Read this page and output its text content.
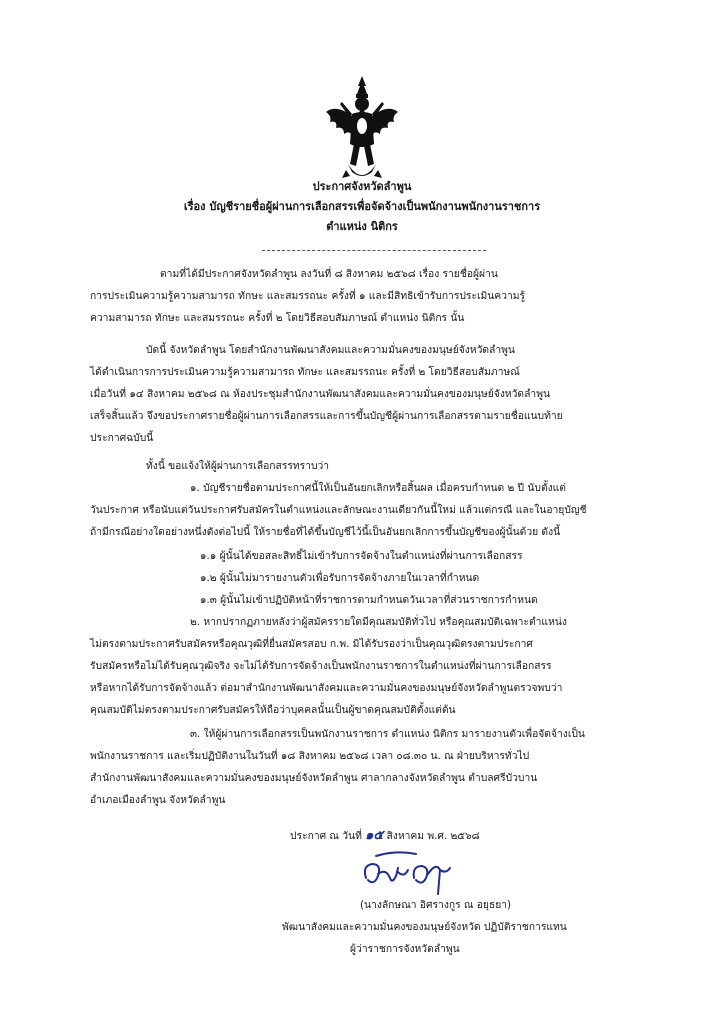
ประกาศจังหวัดลำพูน
เรื่อง บัญชีรายชื่อผู้ผ่านการเลือกสรรเพื่อจัดจ้างเป็นพนักงานพนักงานราชการ
ตำแหน่ง นิติกร
ตามที่ได้มีประกาศจังหวัดลำพูน ลงวันที่ ๘ สิงหาคม ๒๕๖๘ เรื่อง รายชื่อผู้ผ่าน
การประเมินความรู้ความสามารถ ทักษะ และสมรรถนะ ครั้งที่ ๑ และมีสิทธิเข้ารับการประเมินความรู้
ความสามารถ ทักษะ และสมรรถนะ ครั้งที่ ๒ โดยวิธีสอบสัมภาษณ์ ตำแหน่ง นิติกร นั้น
บัดนี้ จังหวัดลำพูน โดยสำนักงานพัฒนาสังคมและความมั่นคงของมนุษย์จังหวัดลำพูน
ได้ดำเนินการการประเมินความรู้ความสามารถ ทักษะ และสมรรถนะ ครั้งที่ ๒ โดยวิธีสอบสัมภาษณ์
เมื่อวันที่ ๑๔ สิงหาคม ๒๕๖๘ ณ ห้องประชุมสำนักงานพัฒนาสังคมและความมั่นคงของมนุษย์จังหวัดลำพูน
เสร็จสิ้นแล้ว จึงขอประกาศรายชื่อผู้ผ่านการเลือกสรรและการขึ้นบัญชีผู้ผ่านการเลือกสรรตามรายชื่อแนบท้าย
ประกาศฉบับนี้
ทั้งนี้ ขอแจ้งให้ผู้ผ่านการเลือกสรรทราบว่า
๑. บัญชีรายชื่อตามประกาศนี้ให้เป็นอันยกเลิกหรือสิ้นผล เมื่อครบกำหนด ๒ ปี นับตั้งแต่
วันประกาศ หรือนับแต่วันประกาศรับสมัครในตำแหน่งและลักษณะงานเดียวกันนี้ใหม่ แล้วแต่กรณี และในอายุบัญชี
ถ้ามีกรณีอย่างใดอย่างหนึ่งดังต่อไปนี้ ให้รายชื่อที่ได้ขึ้นบัญชีไว้นี้เป็นอันยกเลิกการขึ้นบัญชีของผู้นั้นด้วย ดังนี้
๑.๑ ผู้นั้นได้ขอสละสิทธิ์ไม่เข้ารับการจัดจ้างในตำแหน่งที่ผ่านการเลือกสรร
๑.๒ ผู้นั้นไม่มารายงานตัวเพื่อรับการจัดจ้างภายในเวลาที่กำหนด
๑.๓ ผู้นั้นไม่เข้าปฏิบัติหน้าที่ราชการตามกำหนดวันเวลาที่ส่วนราชการกำหนด
๒. หากปรากฏภายหลังว่าผู้สมัครรายใดมีคุณสมบัติทั่วไป หรือคุณสมบัติเฉพาะตำแหน่ง
ไม่ตรงตามประกาศรับสมัครหรือคุณวุฒิที่ยื่นสมัครสอบ ก.พ. มิได้รับรองว่าเป็นคุณวุฒิตรงตามประกาศ
รับสมัครหรือไม่ได้รับคุณวุฒิจริง จะไม่ได้รับการจัดจ้างเป็นพนักงานราชการในตำแหน่งที่ผ่านการเลือกสรร
หรือหากได้รับการจัดจ้างแล้ว ต่อมาสำนักงานพัฒนาสังคมและความมั่นคงของมนุษย์จังหวัดลำพูนตรวจพบว่า
คุณสมบัติไม่ตรงตามประกาศรับสมัครให้ถือว่าบุคคลนั้นเป็นผู้ขาดคุณสมบัติตั้งแต่ต้น
๓. ให้ผู้ผ่านการเลือกสรรเป็นพนักงานราชการ ตำแหน่ง นิติกร มารายงานตัวเพื่อจัดจ้างเป็น
พนักงานราชการ และเริ่มปฏิบัติงานในวันที่ ๑๘ สิงหาคม ๒๕๖๘ เวลา ๐๘.๓๐ น. ณ ฝ่ายบริหารทั่วไป
สำนักงานพัฒนาสังคมและความมั่นคงของมนุษย์จังหวัดลำพูน ศาลากลางจังหวัดลำพูน ตำบลศรีบัวบาน
อำเภอเมืองลำพูน จังหวัดลำพูน
ประกาศ ณ วันที่ ๑๕ สิงหาคม พ.ศ. ๒๕๖๘
(นางลักษณา อิศรางกูร ณ อยุธยา)
พัฒนาสังคมและความมั่นคงของมนุษย์จังหวัด ปฏิบัติราชการแทน
ผู้ว่าราชการจังหวัดลำพูน
